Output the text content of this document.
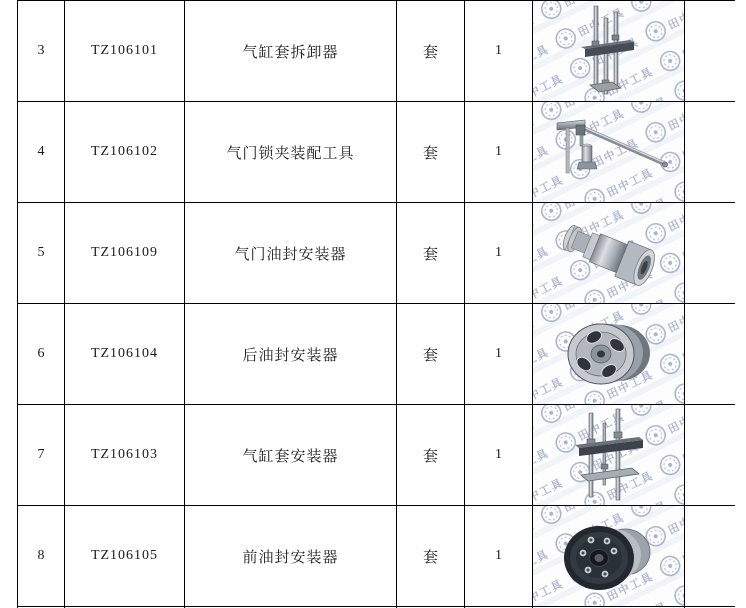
3	TZ106101	气缸套拆卸器	套	1	

4	TZ106102	气门锁夹装配工具	套	1	

5	TZ106109	气门油封安装器	套	1	

6	TZ106104	后油封安装器	套	1	

7	TZ106103	气缸套安装器	套	1	

8	TZ106105	前油封安装器	套	1	
